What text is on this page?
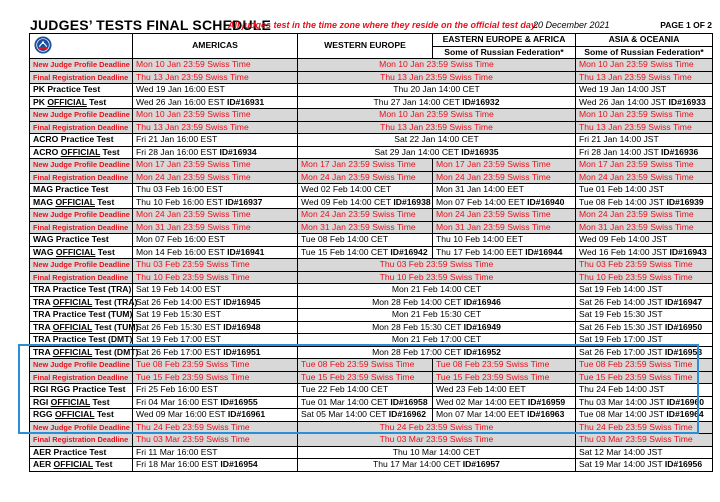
JUDGES’ TESTS FINAL SCHEDULE
All judges test in the time zone where they reside on the official test day.
20 December 2021	PAGE 1 OF 2
	AMERICAS	WESTERN EUROPE	EASTERN EUROPE & AFRICA	ASIA & OCEANIA
			Some of Russian Federation*	Some of Russian Federation*
New Judge Profile Deadline	Mon 10 Jan 23:59 Swiss Time	Mon 10 Jan 23:59 Swiss Time		Mon 10 Jan 23:59 Swiss Time
Final Registration Deadline	Thu 13 Jan 23:59 Swiss Time	Thu 13 Jan 23:59 Swiss Time		Thu 13 Jan 23:59 Swiss Time
PK Practice Test	Wed 19 Jan 16:00 EST	Thu 20 Jan 14:00 CET		Wed 19 Jan 14:00 JST
PK OFFICIAL Test	Wed 26 Jan 16:00 EST ID#16931	Thu 27 Jan 14:00 CET ID#16932		Wed 26 Jan 14:00 JST ID#16933
New Judge Profile Deadline	Mon 10 Jan 23:59 Swiss Time	Mon 10 Jan 23:59 Swiss Time		Mon 10 Jan 23:59 Swiss Time
Final Registration Deadline	Thu 13 Jan 23:59 Swiss Time	Thu 13 Jan 23:59 Swiss Time		Thu 13 Jan 23:59 Swiss Time
ACRO Practice Test	Fri 21 Jan 16:00 EST	Sat 22 Jan 14:00 CET		Fri 21 Jan 14:00 JST
ACRO OFFICIAL Test	Fri 28 Jan 16:00 EST ID#16934	Sat 29 Jan 14:00 CET ID#16935		Fri 28 Jan 14:00 JST ID#16936
New Judge Profile Deadline	Mon 17 Jan 23:59 Swiss Time	Mon 17 Jan 23:59 Swiss Time	Mon 17 Jan 23:59 Swiss Time	Mon 17 Jan 23:59 Swiss Time
Final Registration Deadline	Mon 24 Jan 23:59 Swiss Time	Mon 24 Jan 23:59 Swiss Time	Mon 24 Jan 23:59 Swiss Time	Mon 24 Jan 23:59 Swiss Time
MAG Practice Test	Thu 03 Feb 16:00 EST	Wed 02 Feb 14:00 CET	Mon 31 Jan 14:00 EET	Tue 01 Feb 14:00 JST
MAG OFFICIAL Test	Thu 10 Feb 16:00 EST ID#16937	Wed 09 Feb 14:00 CET ID#16938	Mon 07 Feb 14:00 EET ID#16940	Tue 08 Feb 14:00 JST ID#16939
New Judge Profile Deadline	Mon 24 Jan 23:59 Swiss Time	Mon 24 Jan 23:59 Swiss Time	Mon 24 Jan 23:59 Swiss Time	Mon 24 Jan 23:59 Swiss Time
Final Registration Deadline	Mon 31 Jan 23:59 Swiss Time	Mon 31 Jan 23:59 Swiss Time	Mon 31 Jan 23:59 Swiss Time	Mon 31 Jan 23:59 Swiss Time
WAG Practice Test	Mon 07 Feb 16:00 EST	Tue 08 Feb 14:00 CET	Thu 10 Feb 14:00 EET	Wed 09 Feb 14:00 JST
WAG OFFICIAL Test	Mon 14 Feb 16:00 EST ID#16941	Tue 15 Feb 14:00 CET ID#16942	Thu 17 Feb 14:00 EET ID#16944	Wed 16 Feb 14:00 JST ID#16943
New Judge Profile Deadline	Thu 03 Feb 23:59 Swiss Time	Thu 03 Feb 23:59 Swiss Time		Thu 03 Feb 23:59 Swiss Time
Final Registration Deadline	Thu 10 Feb 23:59 Swiss Time	Thu 10 Feb 23:59 Swiss Time		Thu 10 Feb 23:59 Swiss Time
TRA Practice Test (TRA)	Sat 19 Feb 14:00 EST	Mon 21 Feb 14:00 CET		Sat 19 Feb 14:00 JST
TRA OFFICIAL Test (TRA)	Sat 26 Feb 14:00 EST ID#16945	Mon 28 Feb 14:00 CET ID#16946		Sat 26 Feb 14:00 JST ID#16947
TRA Practice Test (TUM)	Sat 19 Feb 15:30 EST	Mon 21 Feb 15:30 CET		Sat 19 Feb 15:30 JST
TRA OFFICIAL Test (TUM)	Sat 26 Feb 15:30 EST ID#16948	Mon 28 Feb 15:30 CET ID#16949		Sat 26 Feb 15:30 JST ID#16950
TRA Practice Test (DMT)	Sat 19 Feb 17:00 EST	Mon 21 Feb 17:00 CET		Sat 19 Feb 17:00 JST
TRA OFFICIAL Test (DMT)	Sat 26 Feb 17:00 EST ID#16951	Mon 28 Feb 17:00 CET ID#16952		Sat 26 Feb 17:00 JST ID#16953
New Judge Profile Deadline	Tue 08 Feb 23:59 Swiss Time	Tue 08 Feb 23:59 Swiss Time	Tue 08 Feb 23:59 Swiss Time	Tue 08 Feb 23:59 Swiss Time
Final Registration Deadline	Tue 15 Feb 23:59 Swiss Time	Tue 15 Feb 23:59 Swiss Time	Tue 15 Feb 23:59 Swiss Time	Tue 15 Feb 23:59 Swiss Time
RGI RGG Practice Test	Fri 25 Feb 16:00 EST	Tue 22 Feb 14:00 CET	Wed 23 Feb 14:00 EET	Thu 24 Feb 14:00 JST
RGI OFFICIAL Test	Fri 04 Mar 16:00 EST ID#16955	Tue 01 Mar 14:00 CET ID#16958	Wed 02 Mar 14:00 EET ID#16959	Thu 03 Mar 14:00 JST ID#16960
RGG OFFICIAL Test	Wed 09 Mar 16:00 EST ID#16961	Sat 05 Mar 14:00 CET ID#16962	Mon 07 Mar 14:00 EET ID#16963	Tue 08 Mar 14:00 JST ID#16964
New Judge Profile Deadline	Thu 24 Feb 23:59 Swiss Time	Thu 24 Feb 23:59 Swiss Time		Thu 24 Feb 23:59 Swiss Time
Final Registration Deadline	Thu 03 Mar 23:59 Swiss Time	Thu 03 Mar 23:59 Swiss Time		Thu 03 Mar 23:59 Swiss Time
AER Practice Test	Fri 11 Mar 16:00 EST	Thu 10 Mar 14:00 CET		Sat 12 Mar 14:00 JST
AER OFFICIAL Test	Fri 18 Mar 16:00 EST ID#16954	Thu 17 Mar 14:00 CET ID#16957		Sat 19 Mar 14:00 JST ID#16956
